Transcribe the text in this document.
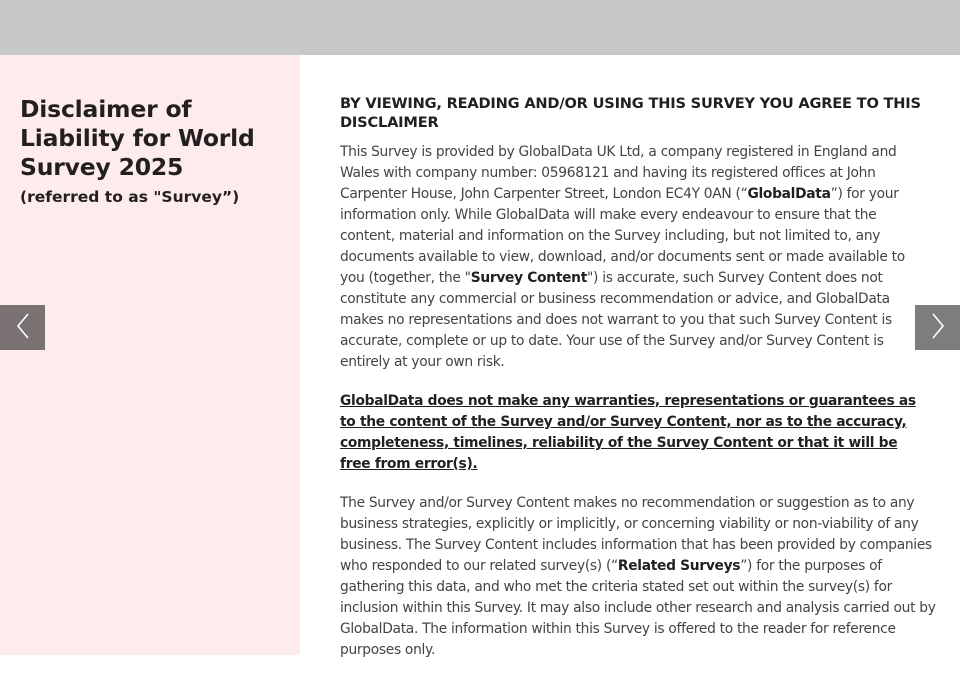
Disclaimer of Liability for World Survey 2025

(referred to as "Survey”)

BY VIEWING, READING AND/OR USING THIS SURVEY YOU AGREE TO THIS DISCLAIMER

This Survey is provided by GlobalData UK Ltd, a company registered in England and Wales with company number: 05968121 and having its registered offices at John Carpenter House, John Carpenter Street, London EC4Y 0AN (“GlobalData”) for your information only. While GlobalData will make every endeavour to ensure that the content, material and information on the Survey including, but not limited to, any documents available to view, download, and/or documents sent or made available to you (together, the "Survey Content") is accurate, such Survey Content does not constitute any commercial or business recommendation or advice, and GlobalData makes no representations and does not warrant to you that such Survey Content is accurate, complete or up to date. Your use of the Survey and/or Survey Content is entirely at your own risk.

GlobalData does not make any warranties, representations or guarantees as to the content of the Survey and/or Survey Content, nor as to the accuracy, completeness, timelines, reliability of the Survey Content or that it will be free from error(s).

The Survey and/or Survey Content makes no recommendation or suggestion as to any business strategies, explicitly or implicitly, or concerning viability or non-viability of any business. The Survey Content includes information that has been provided by companies who responded to our related survey(s) (“Related Surveys”) for the purposes of gathering this data, and who met the criteria stated set out within the survey(s) for inclusion within this Survey. It may also include other research and analysis carried out by GlobalData. The information within this Survey is offered to the reader for reference purposes only.
